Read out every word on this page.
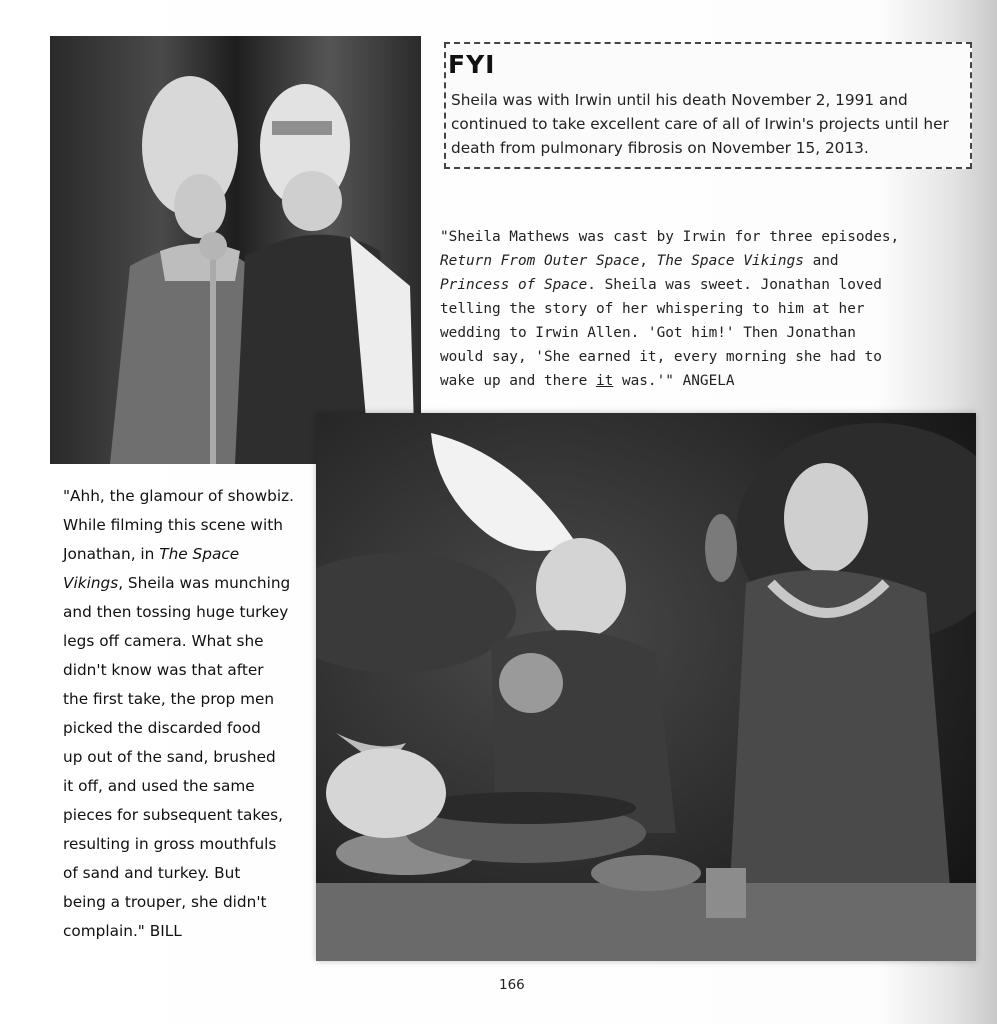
FYI
Sheila was with Irwin until his death November 2, 1991 and continued to take excellent care of all of Irwin's projects until her death from pulmonary fibrosis on November 15, 2013.
"Sheila Mathews was cast by Irwin for three episodes,
Return From Outer Space, The Space Vikings and
Princess of Space. Sheila was sweet. Jonathan loved
telling the story of her whispering to him at her
wedding to Irwin Allen. 'Got him!' Then Jonathan
would say, 'She earned it, every morning she had to
wake up and there it was.'" ANGELA
"Ahh, the glamour of showbiz.
While filming this scene with
Jonathan, in The Space
Vikings, Sheila was munching
and then tossing huge turkey
legs off camera. What she
didn't know was that after
the first take, the prop men
picked the discarded food
up out of the sand, brushed
it off, and used the same
pieces for subsequent takes,
resulting in gross mouthfuls
of sand and turkey. But
being a trouper, she didn't
complain." BILL
166
